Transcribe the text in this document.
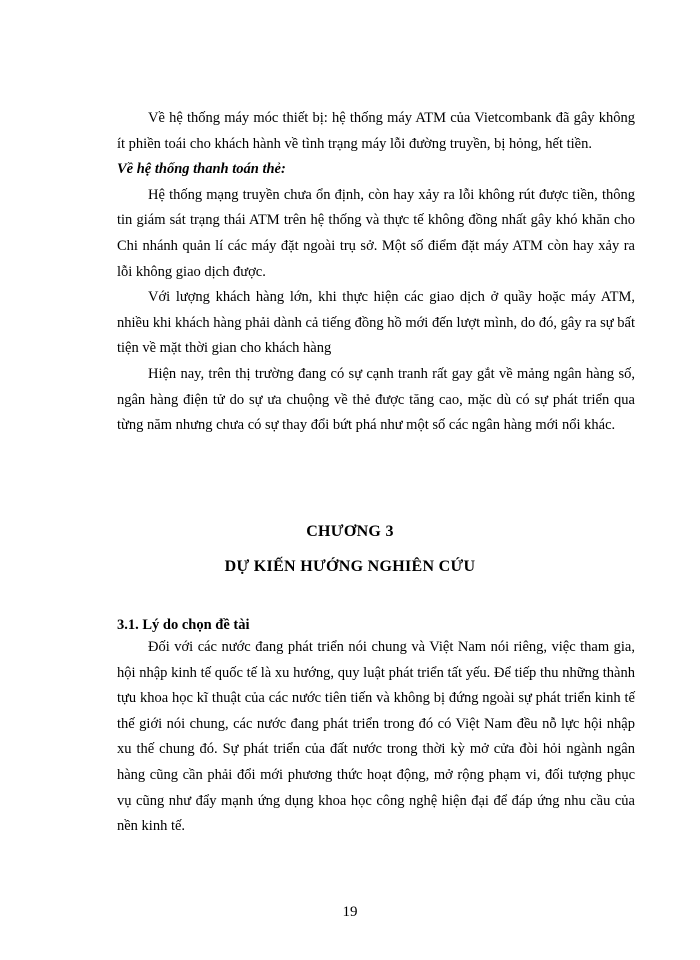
Về hệ thống máy móc thiết bị: hệ thống máy ATM của Vietcombank đã gây không ít phiền toái cho khách hành về tình trạng máy lỗi đường truyền, bị hỏng, hết tiền.

Về hệ thống thanh toán thẻ:

Hệ thống mạng truyền chưa ổn định, còn hay xảy ra lỗi không rút được tiền, thông tin giám sát trạng thái ATM trên hệ thống và thực tế không đồng nhất gây khó khăn cho Chi nhánh quản lí các máy đặt ngoài trụ sở. Một số điểm đặt máy ATM còn hay xảy ra lỗi không giao dịch được.

Với lượng khách hàng lớn, khi thực hiện các giao dịch ở quầy hoặc máy ATM, nhiều khi khách hàng phải dành cả tiếng đồng hồ mới đến lượt mình, do đó, gây ra sự bất tiện về mặt thời gian cho khách hàng

Hiện nay, trên thị trường đang có sự cạnh tranh rất gay gắt về mảng ngân hàng số, ngân hàng điện tử do sự ưa chuộng về thẻ được tăng cao, mặc dù có sự phát triển qua từng năm nhưng chưa có sự thay đổi bứt phá như một số các ngân hàng mới nổi khác.

CHƯƠNG 3
DỰ KIẾN HƯỚNG NGHIÊN CỨU
3.1. Lý do chọn đề tài

Đối với các nước đang phát triển nói chung và Việt Nam nói riêng, việc tham gia, hội nhập kinh tế quốc tế là xu hướng, quy luật phát triển tất yếu. Để tiếp thu những thành tựu khoa học kĩ thuật của các nước tiên tiến và không bị đứng ngoài sự phát triển kinh tế thế giới nói chung, các nước đang phát triển trong đó có Việt Nam đều nỗ lực hội nhập xu thế chung đó. Sự phát triển của đất nước trong thời kỳ mở cửa đòi hỏi ngành ngân hàng cũng cần phải đổi mới phương thức hoạt động, mở rộng phạm vi, đối tượng phục vụ cũng như đẩy mạnh ứng dụng khoa học công nghệ hiện đại để đáp ứng nhu cầu của nền kinh tế.

19
